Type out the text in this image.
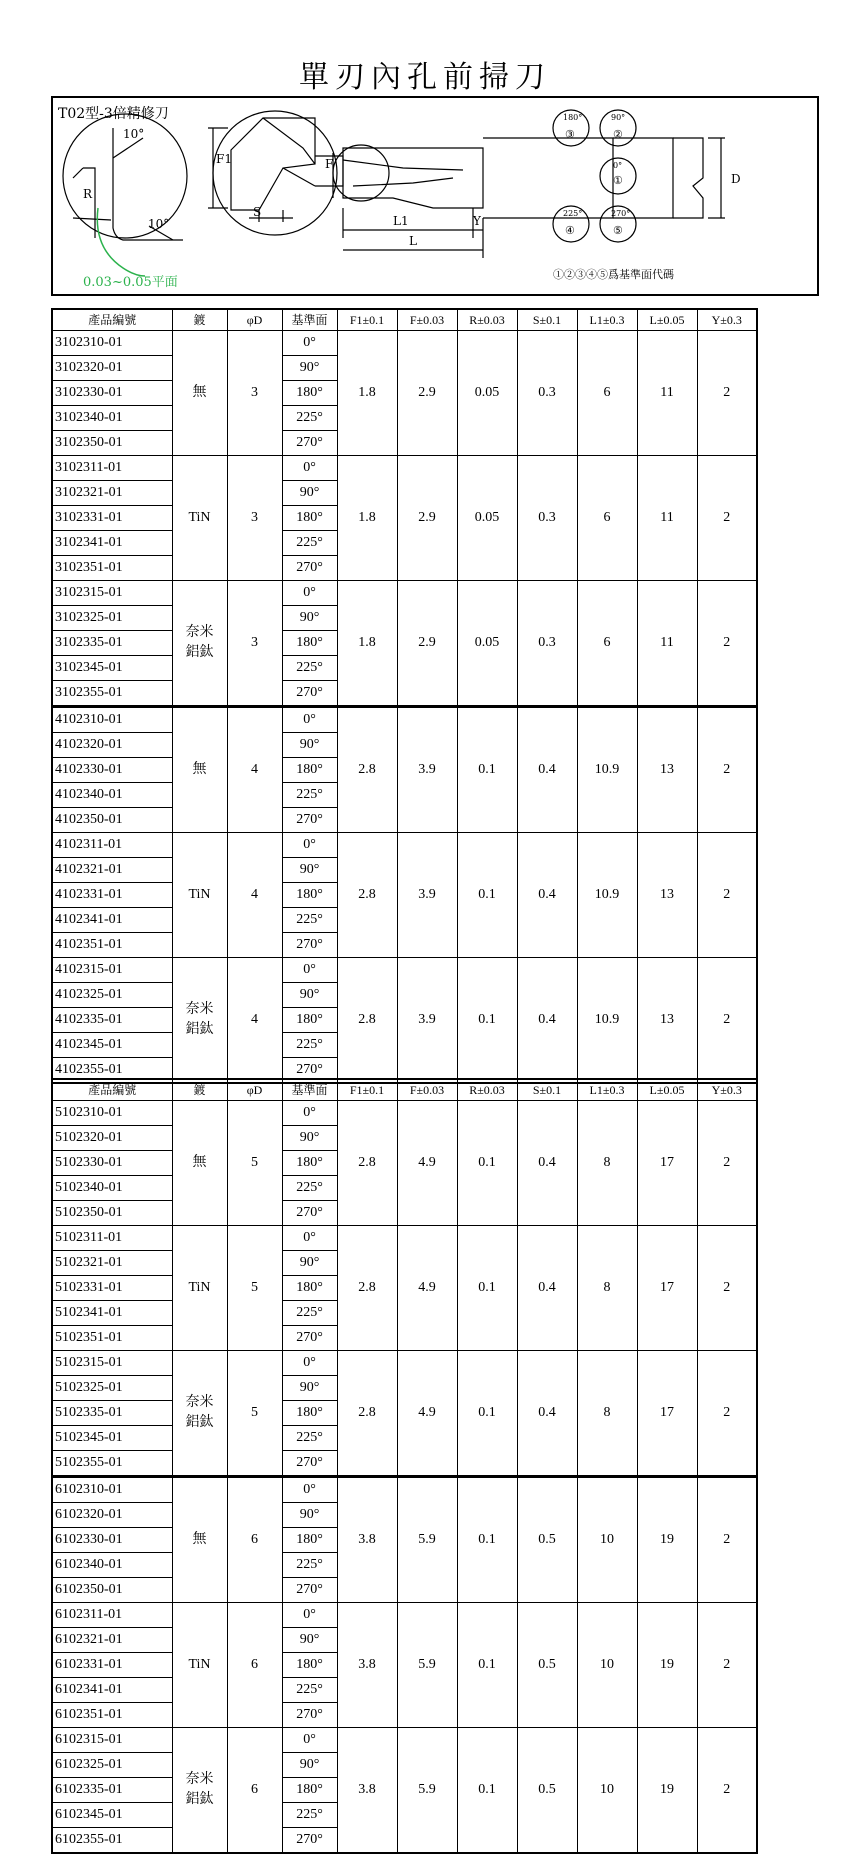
單刃內孔前掃刀
T02型-3倍精修刀
10°
10°
R
F1
S
F
L1
L
Y
D
①②③④⑤爲基準面代碼
180°
③
90°
②
0°
①
225°
④
270°
⑤
0.03~0.05平面
產品編號	鍍	φD	基準面	F1±0.1	F±0.03	R±0.03	S±0.1	L1±0.3	L±0.05	Y±0.3
3102310-01	無	3	0°	1.8	2.9	0.05	0.3	6	11	2
3102320-01			90°							
3102330-01			180°							
3102340-01			225°							
3102350-01			270°							
3102311-01	TiN	3	0°	1.8	2.9	0.05	0.3	6	11	2
3102321-01			90°							
3102331-01			180°							
3102341-01			225°							
3102351-01			270°							
3102315-01	奈米鋁鈦	3	0°	1.8	2.9	0.05	0.3	6	11	2
3102325-01			90°							
3102335-01			180°							
3102345-01			225°							
3102355-01			270°							
4102310-01	無	4	0°	2.8	3.9	0.1	0.4	10.9	13	2
4102320-01			90°							
4102330-01			180°							
4102340-01			225°							
4102350-01			270°							
4102311-01	TiN	4	0°	2.8	3.9	0.1	0.4	10.9	13	2
4102321-01			90°							
4102331-01			180°							
4102341-01			225°							
4102351-01			270°							
4102315-01	奈米鋁鈦	4	0°	2.8	3.9	0.1	0.4	10.9	13	2
4102325-01			90°							
4102335-01			180°							
4102345-01			225°							
4102355-01			270°							
產品編號	鍍	φD	基準面	F1±0.1	F±0.03	R±0.03	S±0.1	L1±0.3	L±0.05	Y±0.3
5102310-01	無	5	0°	2.8	4.9	0.1	0.4	8	17	2
5102320-01			90°							
5102330-01			180°							
5102340-01			225°							
5102350-01			270°							
5102311-01	TiN	5	0°	2.8	4.9	0.1	0.4	8	17	2
5102321-01			90°							
5102331-01			180°							
5102341-01			225°							
5102351-01			270°							
5102315-01	奈米鋁鈦	5	0°	2.8	4.9	0.1	0.4	8	17	2
5102325-01			90°							
5102335-01			180°							
5102345-01			225°							
5102355-01			270°							
6102310-01	無	6	0°	3.8	5.9	0.1	0.5	10	19	2
6102320-01			90°							
6102330-01			180°							
6102340-01			225°							
6102350-01			270°							
6102311-01	TiN	6	0°	3.8	5.9	0.1	0.5	10	19	2
6102321-01			90°							
6102331-01			180°							
6102341-01			225°							
6102351-01			270°							
6102315-01	奈米鋁鈦	6	0°	3.8	5.9	0.1	0.5	10	19	2
6102325-01			90°							
6102335-01			180°							
6102345-01			225°							
6102355-01			270°							
